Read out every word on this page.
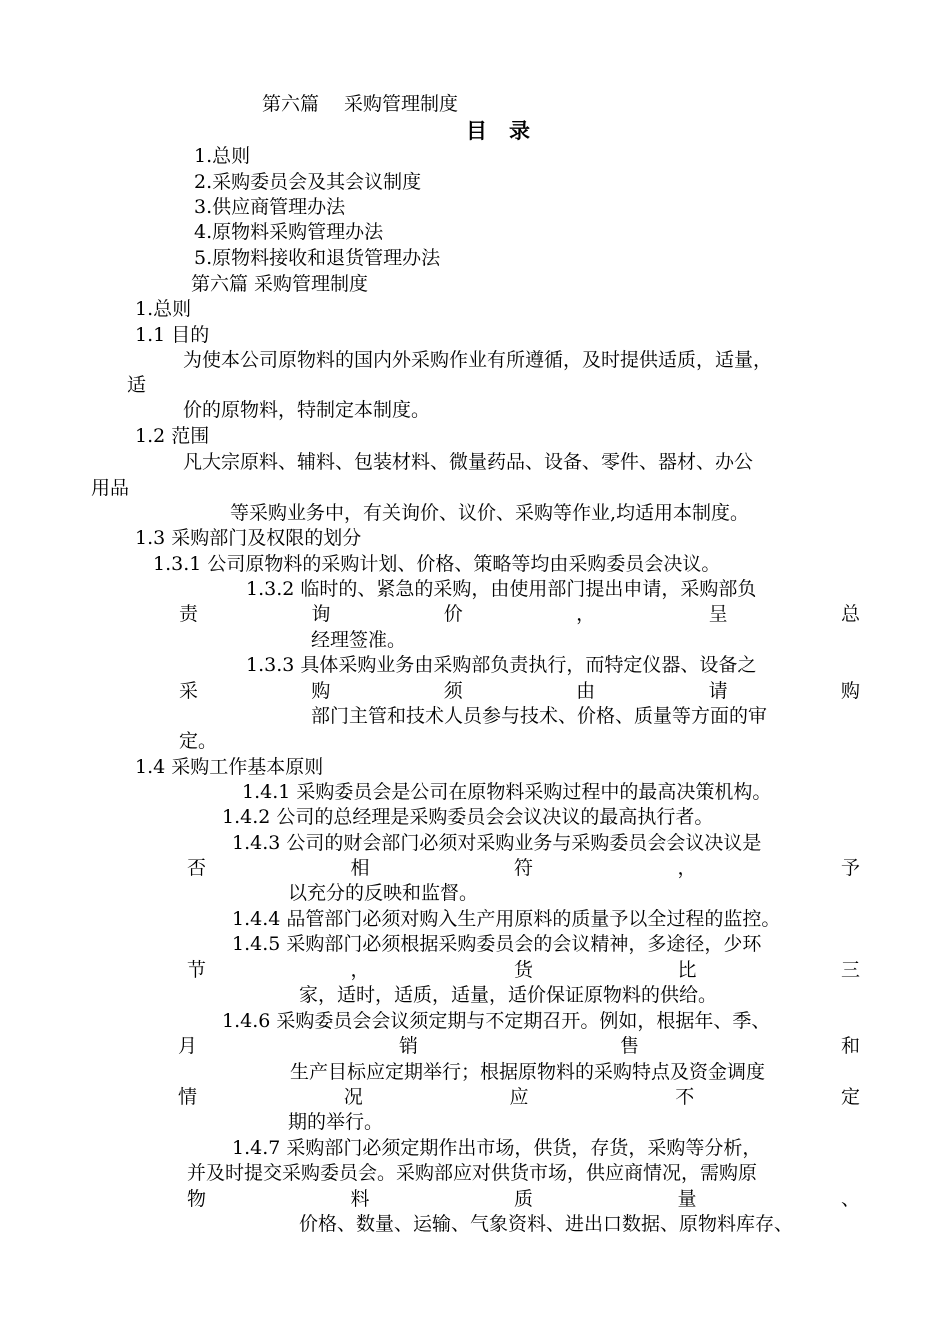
第六篇　 采购管理制度
目录
1.总则
2.采购委员会及其会议制度
3.供应商管理办法
4.原物料采购管理办法
5.原物料接收和退货管理办法
第六篇 采购管理制度
1.总则
1.1 目的
为使本公司原物料的国内外采购作业有所遵循，及时提供适质，适量，
适
价的原物料，特制定本制度。
1.2 范围
凡大宗原料、辅料、包装材料、微量药品、设备、零件、器材、办公
用品
等采购业务中，有关询价、议价、采购等作业,均适用本制度。
1.3 采购部门及权限的划分
1.3.1 公司原物料的采购计划、价格、策略等均由采购委员会决议。
1.3.2 临时的、紧急的采购，由使用部门提出申请，采购部负
责	询	价	，	呈	总
经理签准。
1.3.3 具体采购业务由采购部负责执行，而特定仪器、设备之
采	购	须	由	请	购
部门主管和技术人员参与技术、价格、质量等方面的审
定。
1.4 采购工作基本原则
1.4.1 采购委员会是公司在原物料采购过程中的最高决策机构。
1.4.2 公司的总经理是采购委员会会议决议的最高执行者。
1.4.3 公司的财会部门必须对采购业务与采购委员会会议决议是
否	相	符	，	予
以充分的反映和监督。
1.4.4 品管部门必须对购入生产用原料的质量予以全过程的监控。
1.4.5 采购部门必须根据采购委员会的会议精神，多途径，少环
节	，	货	比	三
家，适时，适质，适量，适价保证原物料的供给。
1.4.6 采购委员会会议须定期与不定期召开。例如，根据年、季、
月	销	售	和
生产目标应定期举行；根据原物料的采购特点及资金调度
情	况	应	不	定
期的举行。
1.4.7 采购部门必须定期作出市场，供货，存货，采购等分析，
并及时提交采购委员会。采购部应对供货市场，供应商情况，需购原
物	料	质	量	、
价格、数量、运输、气象资料、进出口数据、原物料库存、
